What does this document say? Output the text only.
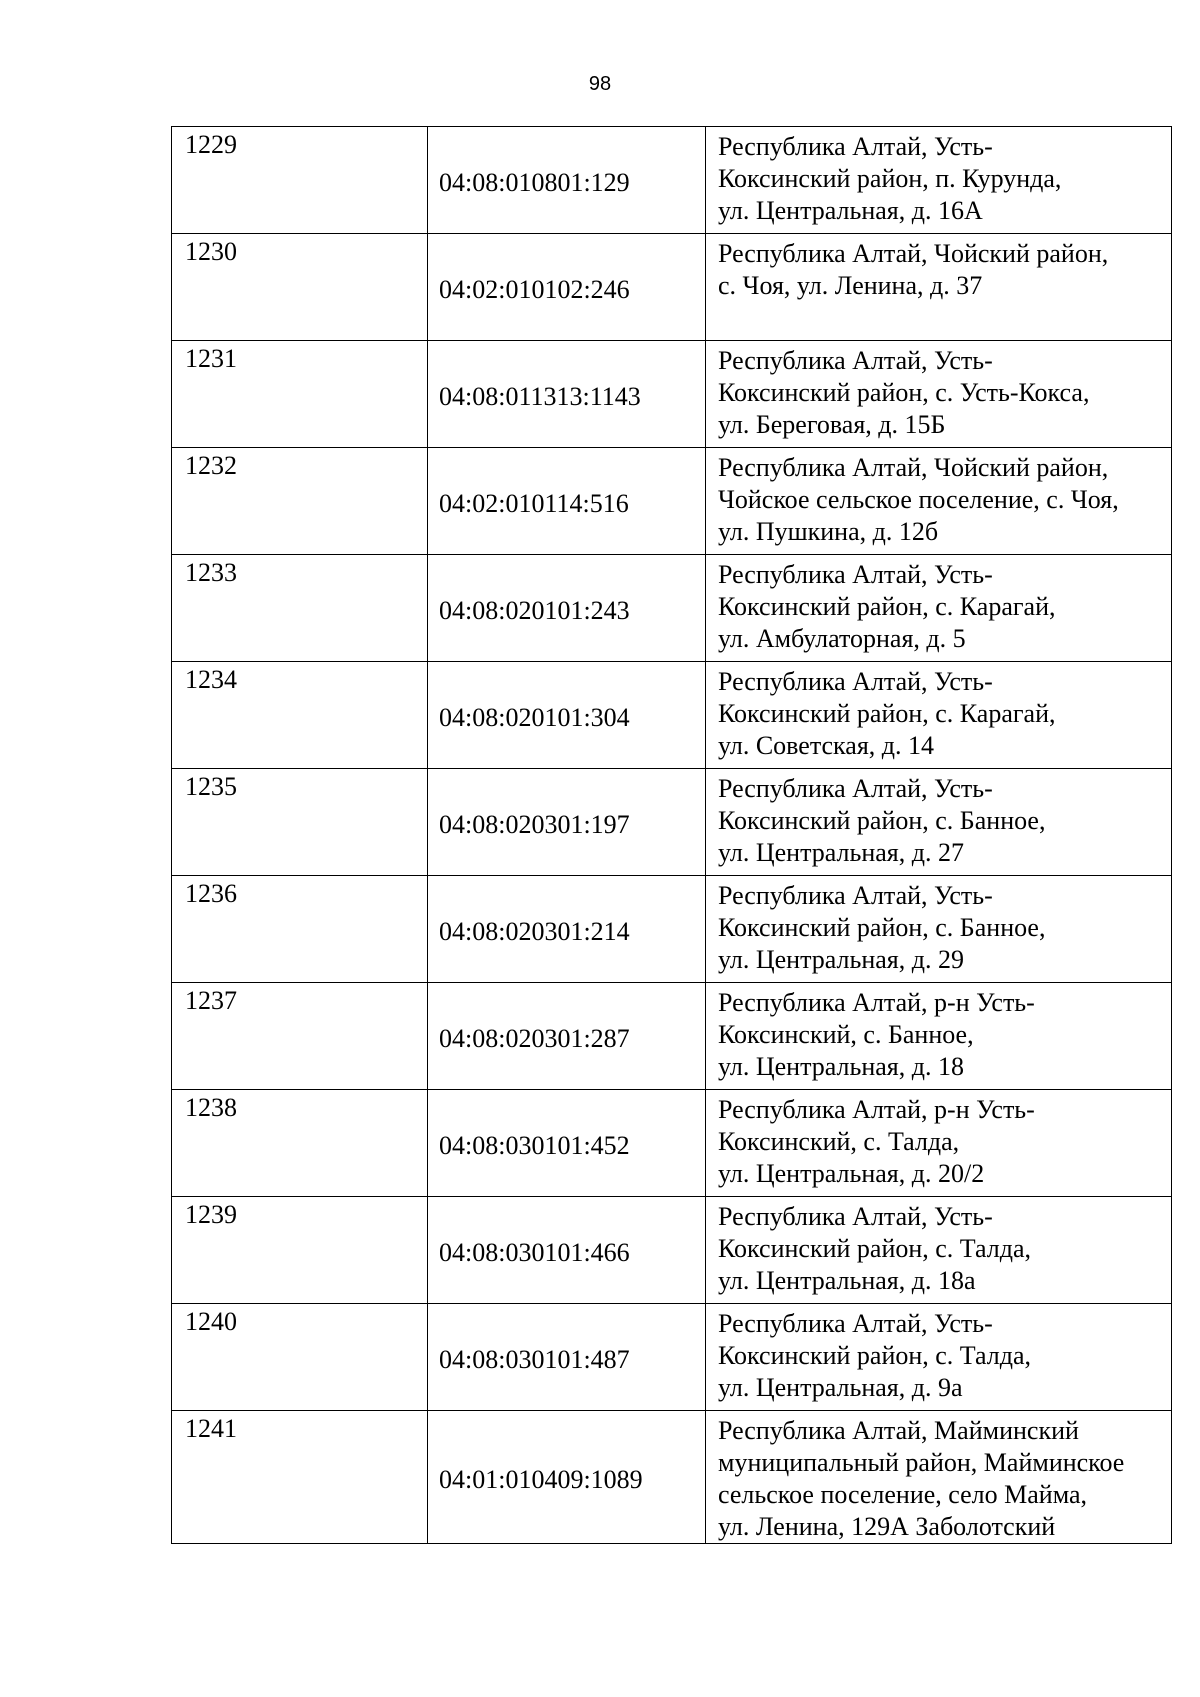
98
1229	04:08:010801:129	Республика Алтай, Усть-
Коксинский район, п. Курунда,
ул. Центральная, д. 16А

1230	04:02:010102:246	Республика Алтай, Чойский район,
с. Чоя, ул. Ленина, д. 37

1231	04:08:011313:1143	Республика Алтай, Усть-
Коксинский район, с. Усть-Кокса,
ул. Береговая, д. 15Б

1232	04:02:010114:516	Республика Алтай, Чойский район,
Чойское сельское поселение, с. Чоя,
ул. Пушкина, д. 12б

1233	04:08:020101:243	Республика Алтай, Усть-
Коксинский район, с. Карагай,
ул. Амбулаторная, д. 5

1234	04:08:020101:304	Республика Алтай, Усть-
Коксинский район, с. Карагай,
ул. Советская, д. 14

1235	04:08:020301:197	Республика Алтай, Усть-
Коксинский район, с. Банное,
ул. Центральная, д. 27

1236	04:08:020301:214	Республика Алтай, Усть-
Коксинский район, с. Банное,
ул. Центральная, д. 29

1237	04:08:020301:287	Республика Алтай, р-н Усть-
Коксинский, с. Банное,
ул. Центральная, д. 18

1238	04:08:030101:452	Республика Алтай, р-н Усть-
Коксинский, с. Талда,
ул. Центральная, д. 20/2

1239	04:08:030101:466	Республика Алтай, Усть-
Коксинский район, с. Талда,
ул. Центральная, д. 18а

1240	04:08:030101:487	Республика Алтай, Усть-
Коксинский район, с. Талда,
ул. Центральная, д. 9а

1241	04:01:010409:1089	Республика Алтай, Майминский
муниципальный район, Майминское
сельское поселение, село Майма,
ул. Ленина, 129А Заболотский
